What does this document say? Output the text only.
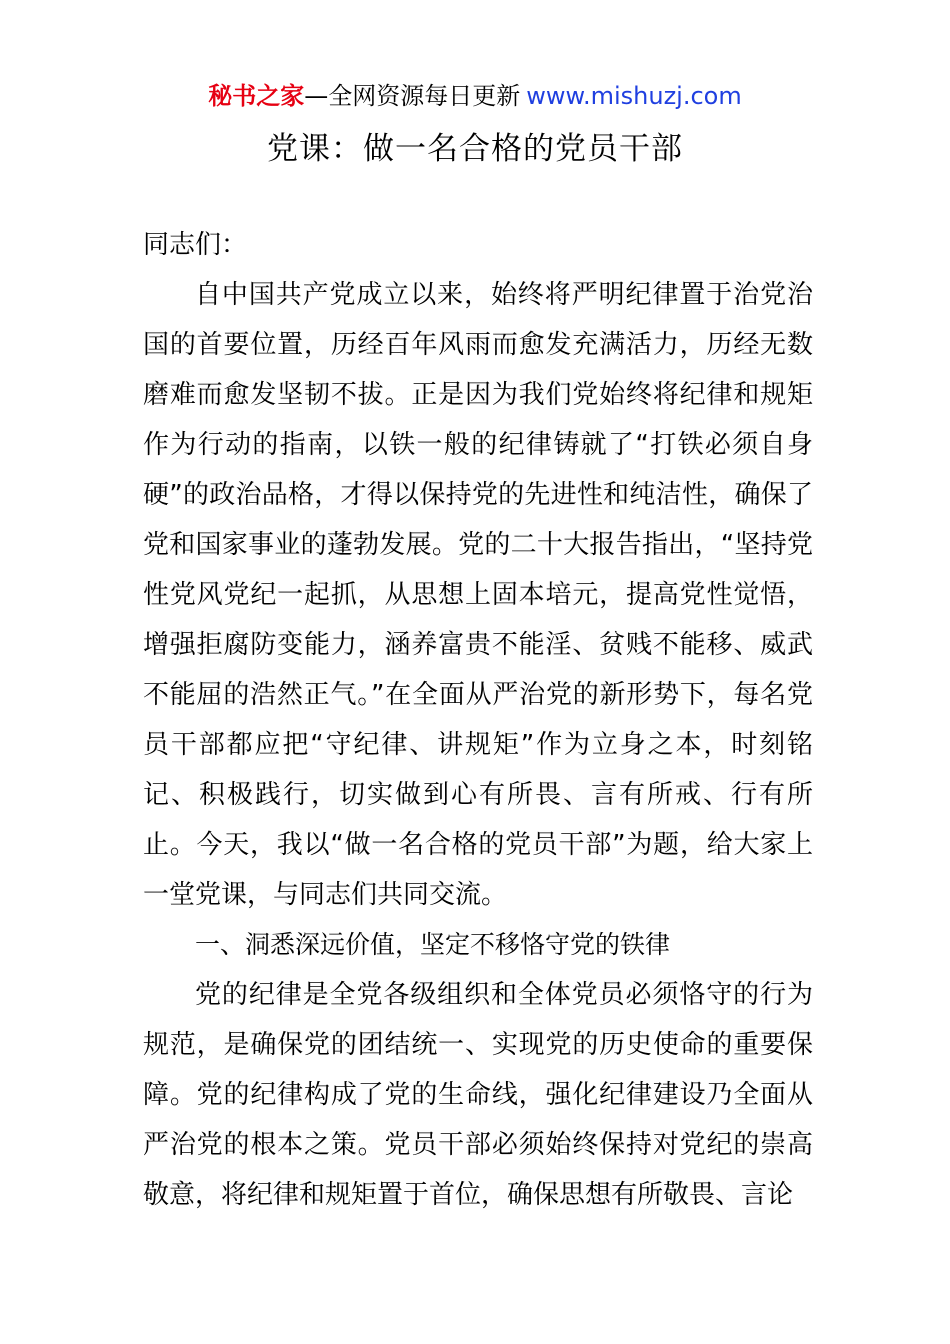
秘书之家—全网资源每日更新 www.mishuzj.com
党课：做一名合格的党员干部

同志们：

自中国共产党成立以来，始终将严明纪律置于治党治国的首要位置，历经百年风雨而愈发充满活力，历经无数磨难而愈发坚韧不拔。正是因为我们党始终将纪律和规矩作为行动的指南，以铁一般的纪律铸就了“打铁必须自身硬”的政治品格，才得以保持党的先进性和纯洁性，确保了党和国家事业的蓬勃发展。党的二十大报告指出，“坚持党性党风党纪一起抓，从思想上固本培元，提高党性觉悟，增强拒腐防变能力，涵养富贵不能淫、贫贱不能移、威武不能屈的浩然正气。”在全面从严治党的新形势下，每名党员干部都应把“守纪律、讲规矩”作为立身之本，时刻铭记、积极践行，切实做到心有所畏、言有所戒、行有所止。今天，我以“做一名合格的党员干部”为题，给大家上一堂党课，与同志们共同交流。

一、洞悉深远价值，坚定不移恪守党的铁律

党的纪律是全党各级组织和全体党员必须恪守的行为规范，是确保党的团结统一、实现党的历史使命的重要保障。党的纪律构成了党的生命线，强化纪律建设乃全面从严治党的根本之策。党员干部必须始终保持对党纪的崇高敬意，将纪律和规矩置于首位，确保思想有所敬畏、言论
